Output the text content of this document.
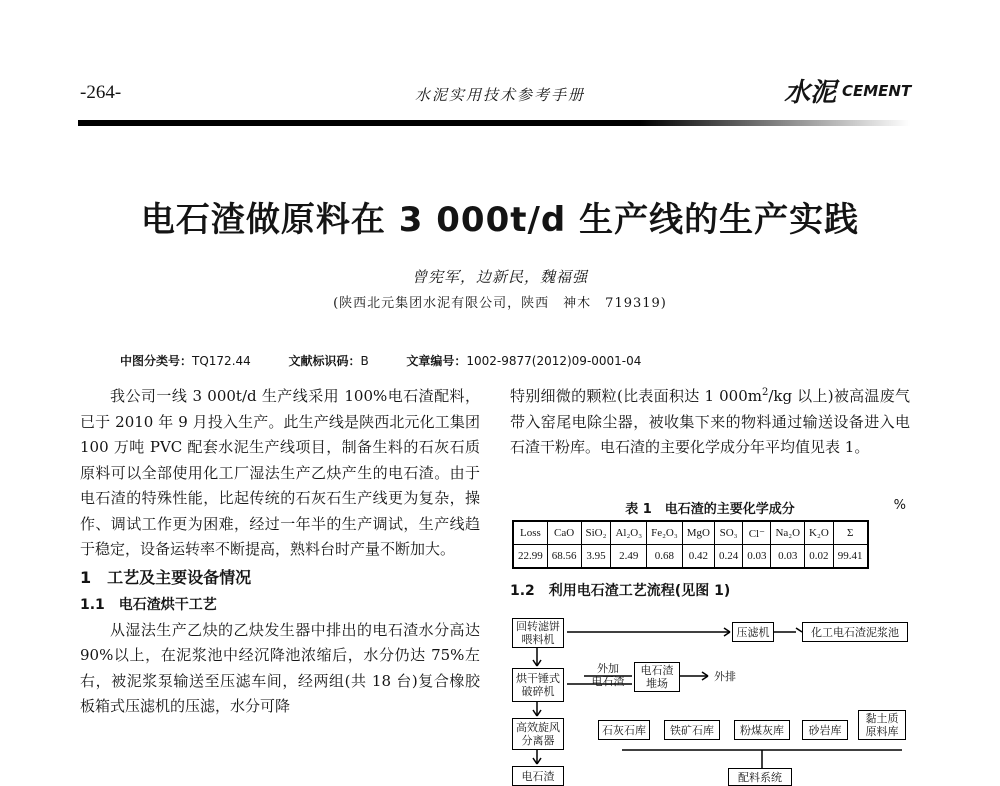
-264-	水泥实用技术参考手册	水泥 CEMENT
电石渣做原料在 3 000t/d 生产线的生产实践
曾宪军，边新民，魏福强
(陕西北元集团水泥有限公司，陕西　神木　719319)
中图分类号：TQ172.44	文献标识码：B	文章编号：1002-9877(2012)09-0001-04

我公司一线 3 000t/d 生产线采用 100%电石渣配料，已于 2010 年 9 月投入生产。此生产线是陕西北元化工集团 100 万吨 PVC 配套水泥生产线项目，制备生料的石灰石质原料可以全部使用化工厂湿法生产乙炔产生的电石渣。由于电石渣的特殊性能，比起传统的石灰石生产线更为复杂，操作、调试工作更为困难，经过一年半的生产调试，生产线趋于稳定，设备运转率不断提高，熟料台时产量不断加大。

1　工艺及主要设备情况
1.1　电石渣烘干工艺

从湿法生产乙炔的乙炔发生器中排出的电石渣水分高达 90%以上，在泥浆池中经沉降池浓缩后，水分仍达 75%左右，被泥浆泵输送至压滤车间，经两组(共 18 台)复合橡胶板箱式压滤机的压滤，水分可降

特别细微的颗粒(比表面积达 1 $000m^2/kg$ 以上)被高温废气带入窑尾电除尘器，被收集下来的物料通过输送设备进入电石渣干粉库。电石渣的主要化学成分年平均值见表 1。

表 1　电石渣的主要化学成分	%
Loss	CaO	SiO₂	Al₂O₃	Fe₂O₃	MgO	SO₃	Cl⁻	Na₂O	K₂O	Σ
22.99	68.56	3.95	2.49	0.68	0.42	0.24	0.03	0.03	0.02	99.41
1.2　利用电石渣工艺流程(见图 1)
回转滤饼
喂料机
压滤机	化工电石渣泥浆池
烘干锤式
破碎机
外加
电石渣
电石渣
堆场
外排
高效旋风
分离器
石灰石库 铁矿石库 粉煤灰库 砂岩库
黏土质
原料库
电石渣	配料系统
